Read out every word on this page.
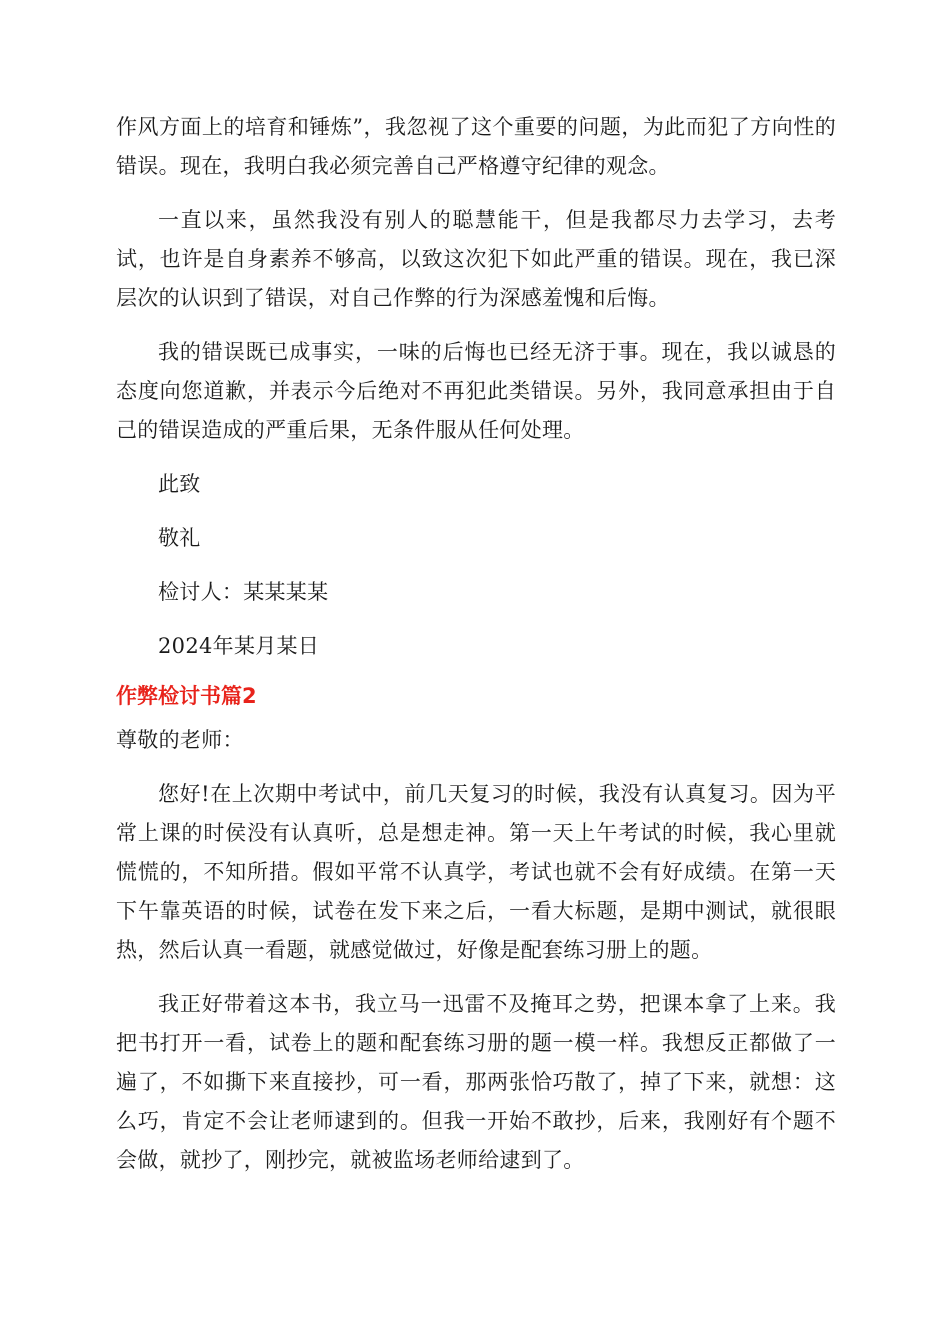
作风方面上的培育和锤炼”，我忽视了这个重要的问题，为此而犯了方向性的错误。现在，我明白我必须完善自己严格遵守纪律的观念。

一直以来，虽然我没有别人的聪慧能干，但是我都尽力去学习，去考试，也许是自身素养不够高，以致这次犯下如此严重的错误。现在，我已深层次的认识到了错误，对自己作弊的行为深感羞愧和后悔。

我的错误既已成事实，一味的后悔也已经无济于事。现在，我以诚恳的态度向您道歉，并表示今后绝对不再犯此类错误。另外，我同意承担由于自己的错误造成的严重后果，无条件服从任何处理。

此致
敬礼
检讨人：某某某某
2024年某月某日
作弊检讨书篇2

尊敬的老师：

您好!在上次期中考试中，前几天复习的时候，我没有认真复习。因为平常上课的时侯没有认真听，总是想走神。第一天上午考试的时候，我心里就慌慌的，不知所措。假如平常不认真学，考试也就不会有好成绩。在第一天下午靠英语的时候，试卷在发下来之后，一看大标题，是期中测试，就很眼热，然后认真一看题，就感觉做过，好像是配套练习册上的题。

我正好带着这本书，我立马一迅雷不及掩耳之势，把课本拿了上来。我把书打开一看，试卷上的题和配套练习册的题一模一样。我想反正都做了一遍了，不如撕下来直接抄，可一看，那两张恰巧散了，掉了下来，就想：这么巧，肯定不会让老师逮到的。但我一开始不敢抄，后来，我刚好有个题不会做，就抄了，刚抄完，就被监场老师给逮到了。
